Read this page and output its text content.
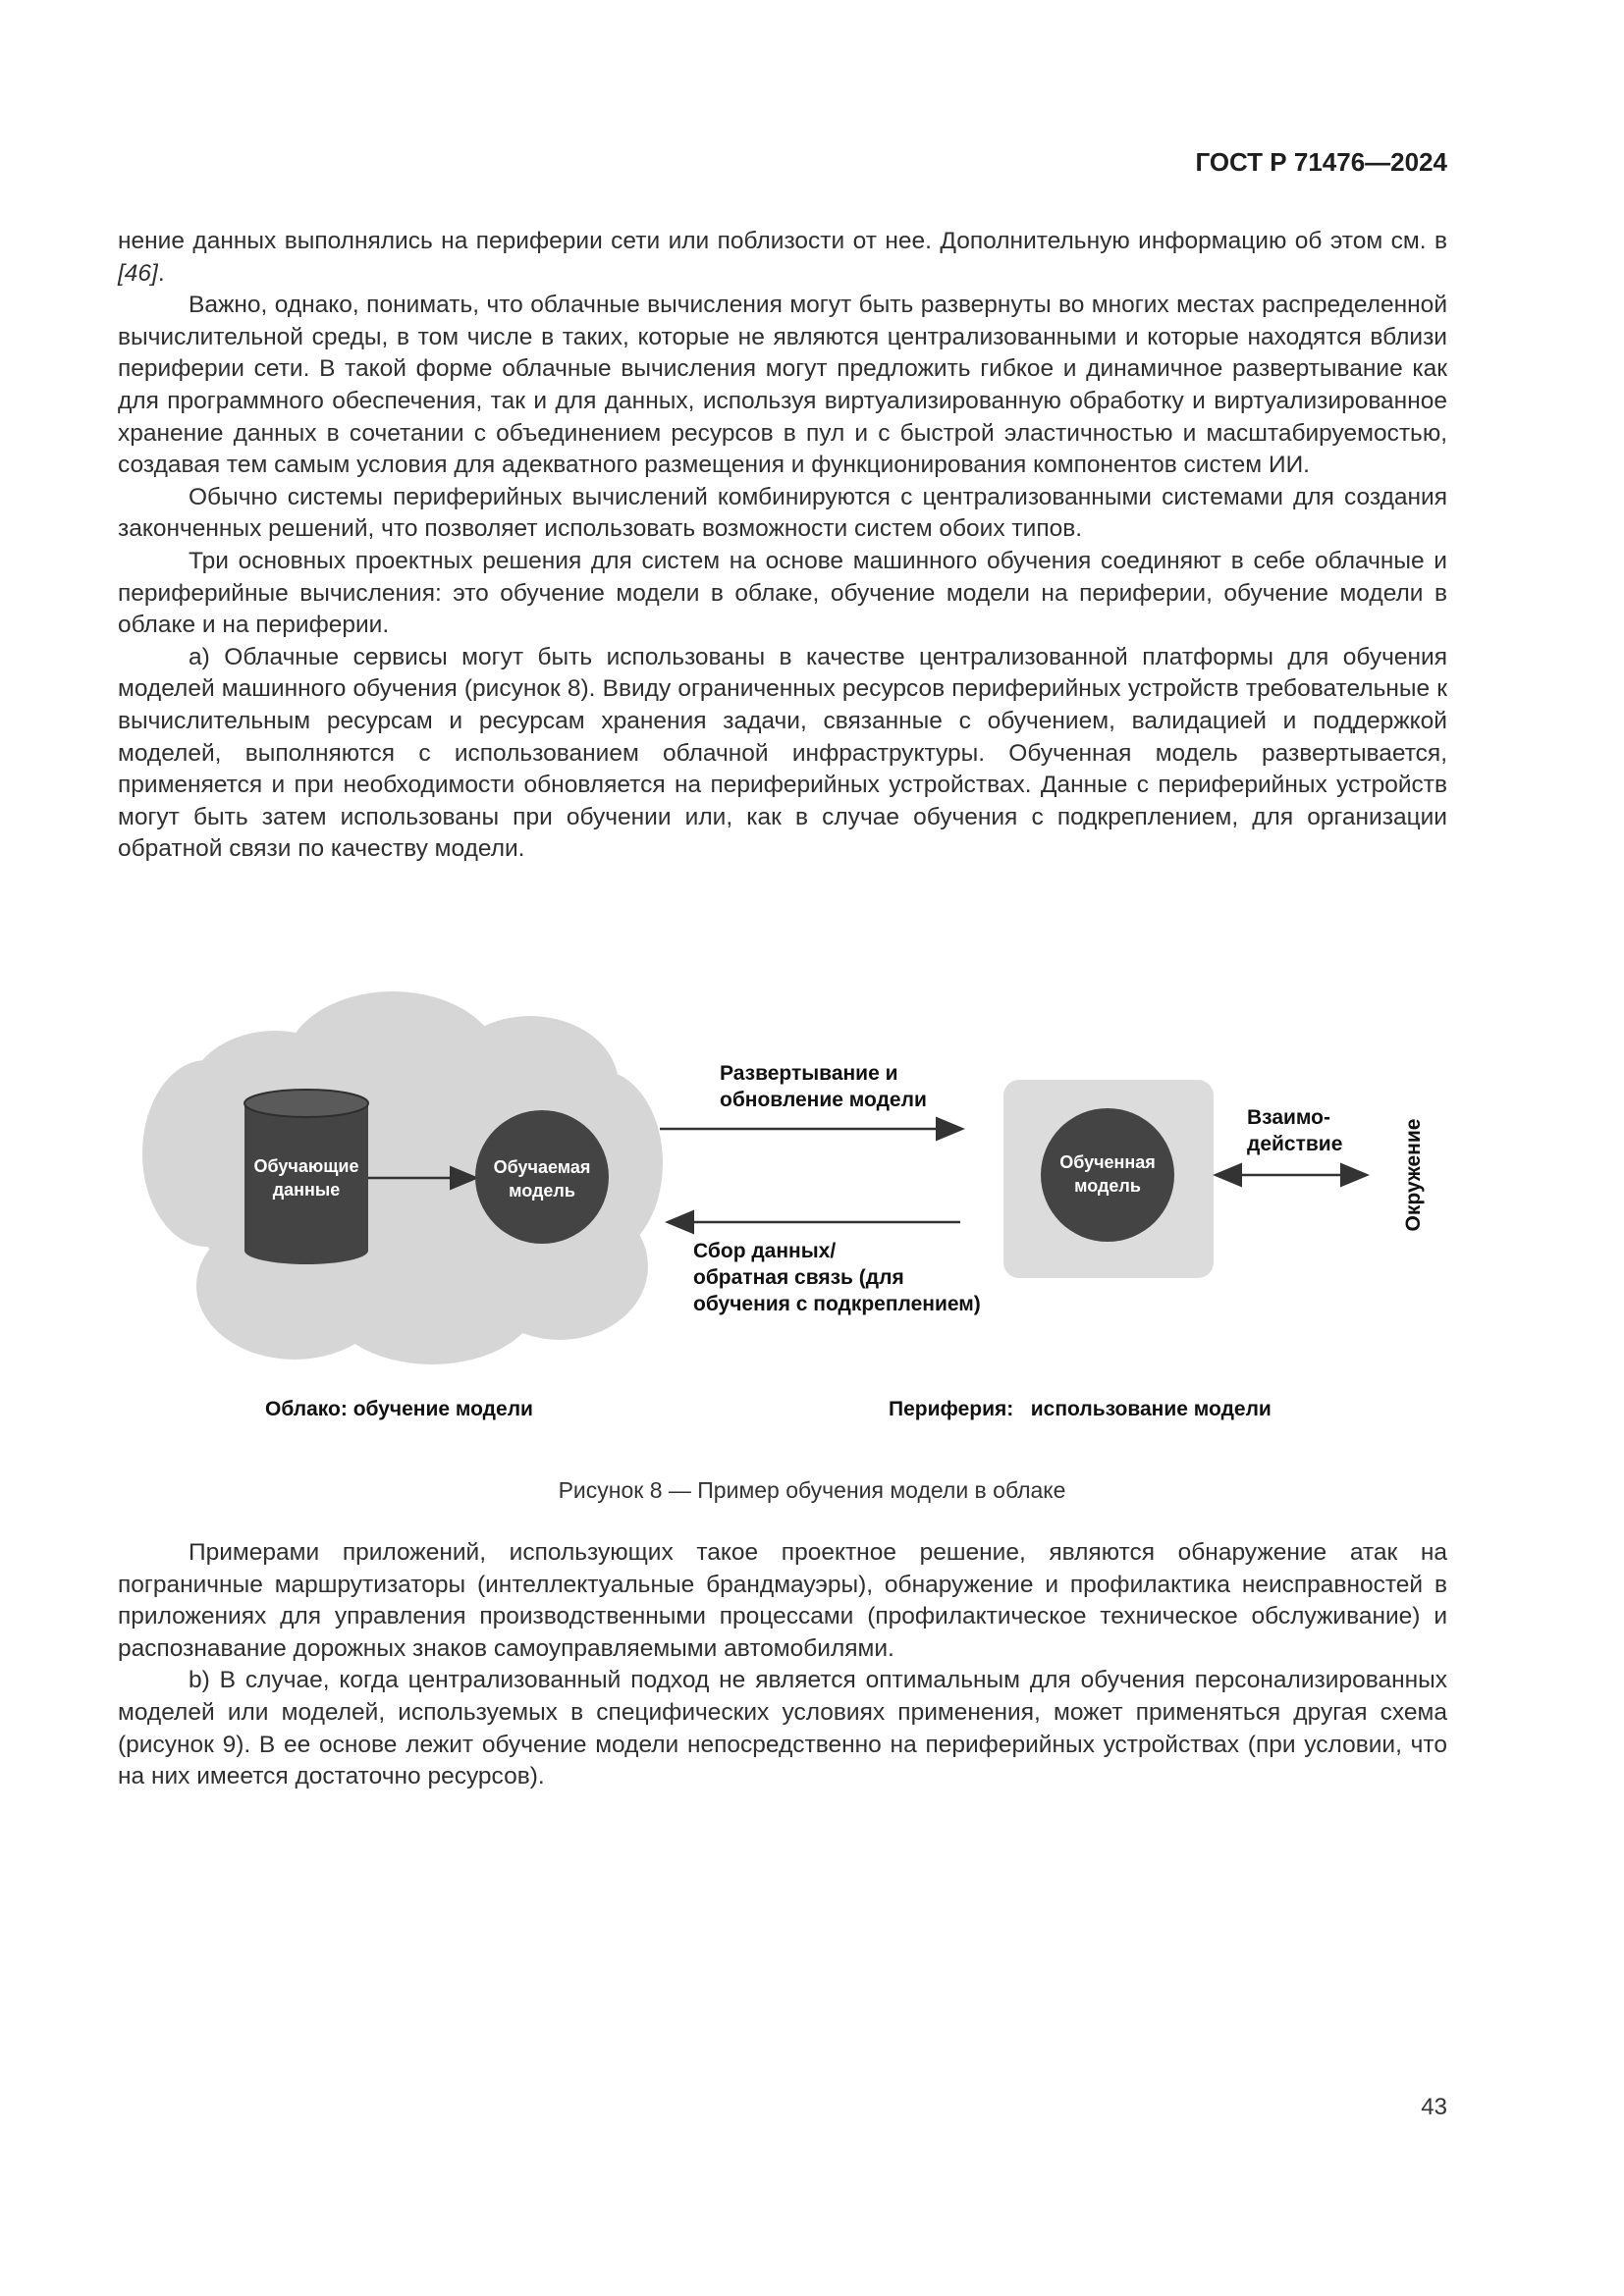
ГОСТ Р 71476—2024

нение данных выполнялись на периферии сети или поблизости от нее. Дополнительную информацию об этом см. в [46].

Важно, однако, понимать, что облачные вычисления могут быть развернуты во многих местах распределенной вычислительной среды, в том числе в таких, которые не являются централизованными и которые находятся вблизи периферии сети. В такой форме облачные вычисления могут предложить гибкое и динамичное развертывание как для программного обеспечения, так и для данных, используя виртуализированную обработку и виртуализированное хранение данных в сочетании с объединением ресурсов в пул и с быстрой эластичностью и масштабируемостью, создавая тем самым условия для адекватного размещения и функционирования компонентов систем ИИ.

Обычно системы периферийных вычислений комбинируются с централизованными системами для создания законченных решений, что позволяет использовать возможности систем обоих типов.

Три основных проектных решения для систем на основе машинного обучения соединяют в себе облачные и периферийные вычисления: это обучение модели в облаке, обучение модели на периферии, обучение модели в облаке и на периферии.

a) Облачные сервисы могут быть использованы в качестве централизованной платформы для обучения моделей машинного обучения (рисунок 8). Ввиду ограниченных ресурсов периферийных устройств требовательные к вычислительным ресурсам и ресурсам хранения задачи, связанные с обучением, валидацией и поддержкой моделей, выполняются с использованием облачной инфраструктуры. Обученная модель развертывается, применяется и при необходимости обновляется на периферийных устройствах. Данные с периферийных устройств могут быть затем использованы при обучении или, как в случае обучения с подкреплением, для организации обратной связи по качеству модели.

Обучающие
данные
Обучаемая
модель
Развертывание и
обновление модели
Сбор данных/
обратная связь (для
обучения с подкреплением)
Обученная
модель
Взаимо-
действие	Окружение
Облако: обучение модели	Периферия:   использование модели
Рисунок 8 — Пример обучения модели в облаке

Примерами приложений, использующих такое проектное решение, являются обнаружение атак на пограничные маршрутизаторы (интеллектуальные брандмауэры), обнаружение и профилактика неисправностей в приложениях для управления производственными процессами (профилактическое техническое обслуживание) и распознавание дорожных знаков самоуправляемыми автомобилями.

b) В случае, когда централизованный подход не является оптимальным для обучения персонализированных моделей или моделей, используемых в специфических условиях применения, может применяться другая схема (рисунок 9). В ее основе лежит обучение модели непосредственно на периферийных устройствах (при условии, что на них имеется достаточно ресурсов).

43
